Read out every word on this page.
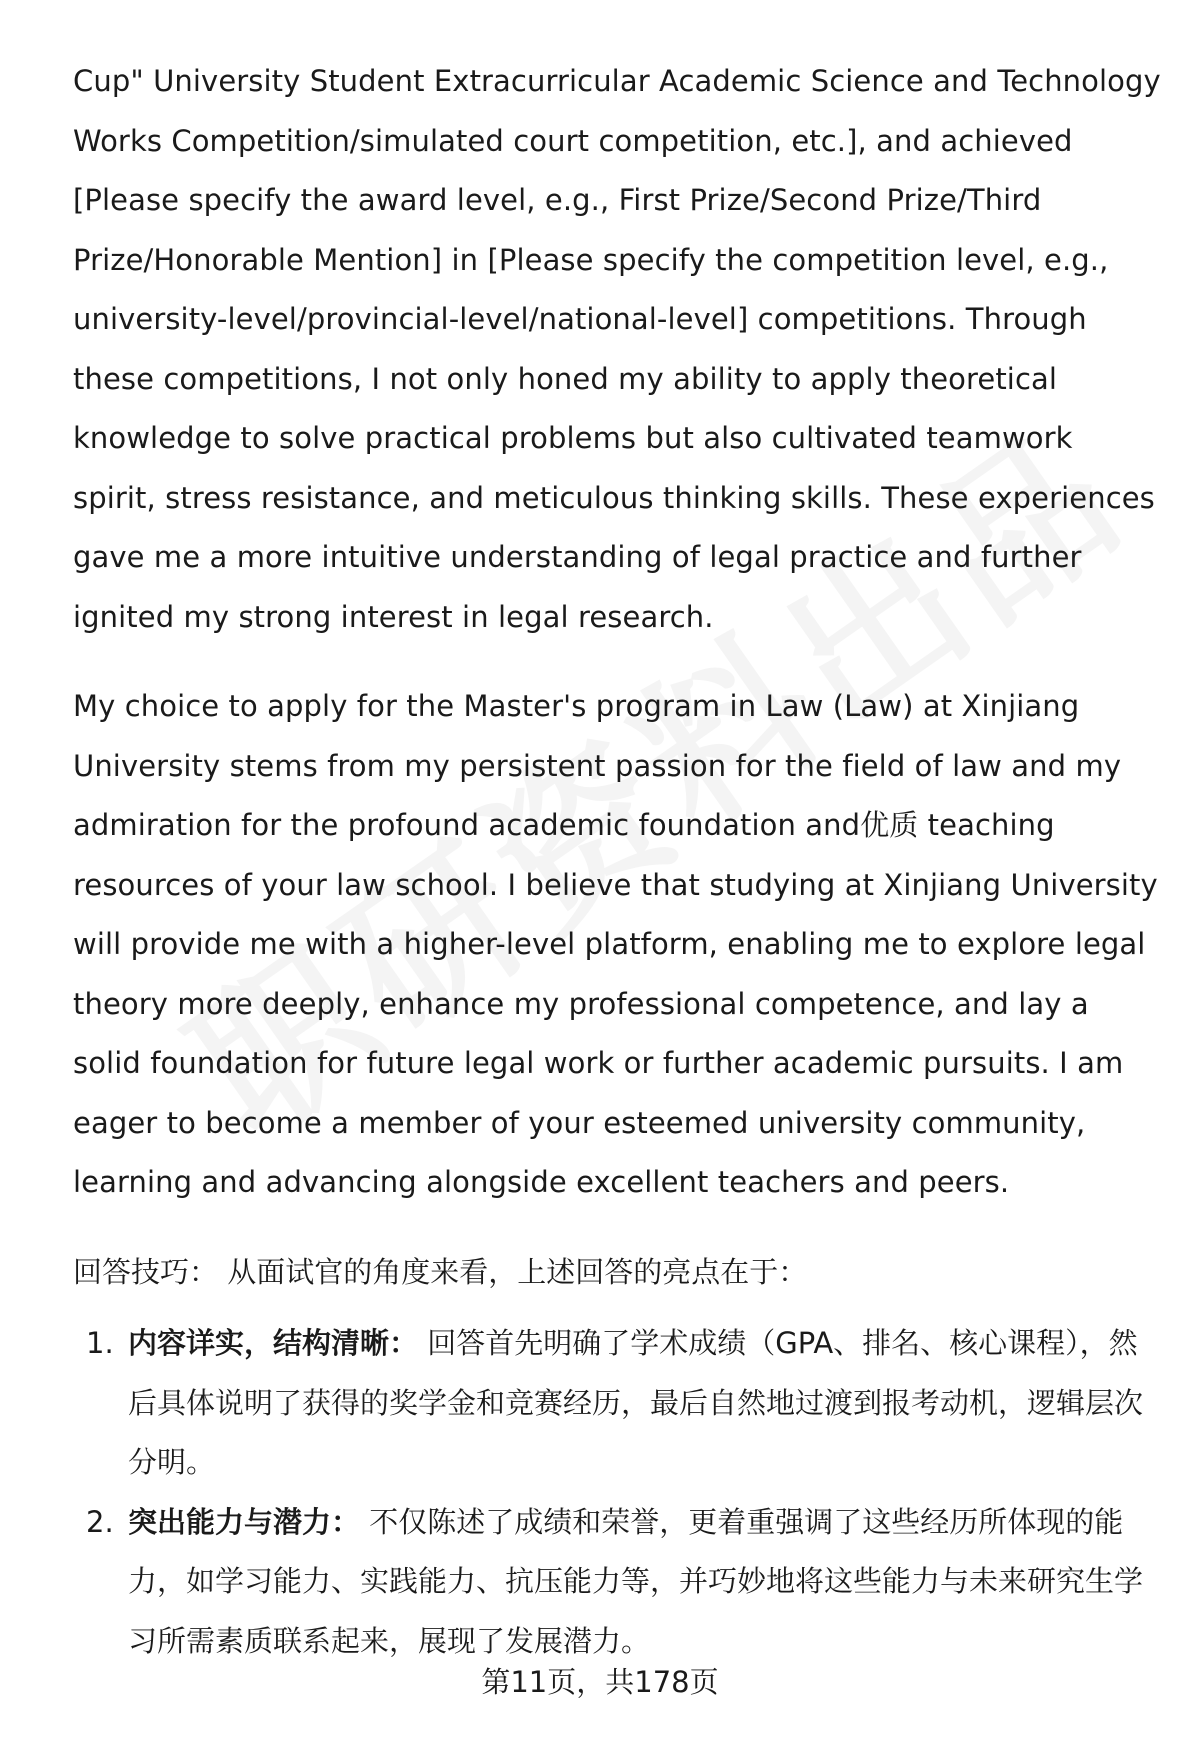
Cup" University Student Extracurricular Academic Science and Technology Works Competition/simulated court competition, etc.], and achieved [Please specify the award level, e.g., First Prize/Second Prize/Third Prize/Honorable Mention] in [Please specify the competition level, e.g., university-level/provincial-level/national-level] competitions. Through these competitions, I not only honed my ability to apply theoretical knowledge to solve practical problems but also cultivated teamwork spirit, stress resistance, and meticulous thinking skills. These experiences gave me a more intuitive understanding of legal practice and further ignited my strong interest in legal research.

My choice to apply for the Master's program in Law (Law) at Xinjiang University stems from my persistent passion for the field of law and my admiration for the profound academic foundation and优质 teaching resources of your law school. I believe that studying at Xinjiang University will provide me with a higher-level platform, enabling me to explore legal theory more deeply, enhance my professional competence, and lay a solid foundation for future legal work or further academic pursuits. I am eager to become a member of your esteemed university community, learning and advancing alongside excellent teachers and peers.

回答技巧： 从面试官的角度来看，上述回答的亮点在于：

1. 内容详实，结构清晰： 回答首先明确了学术成绩（GPA、排名、核心课程），然后具体说明了获得的奖学金和竞赛经历，最后自然地过渡到报考动机，逻辑层次分明。
2. 突出能力与潜力： 不仅陈述了成绩和荣誉，更着重强调了这些经历所体现的能力，如学习能力、实践能力、抗压能力等，并巧妙地将这些能力与未来研究生学习所需素质联系起来，展现了发展潜力。
第11页，共178页
